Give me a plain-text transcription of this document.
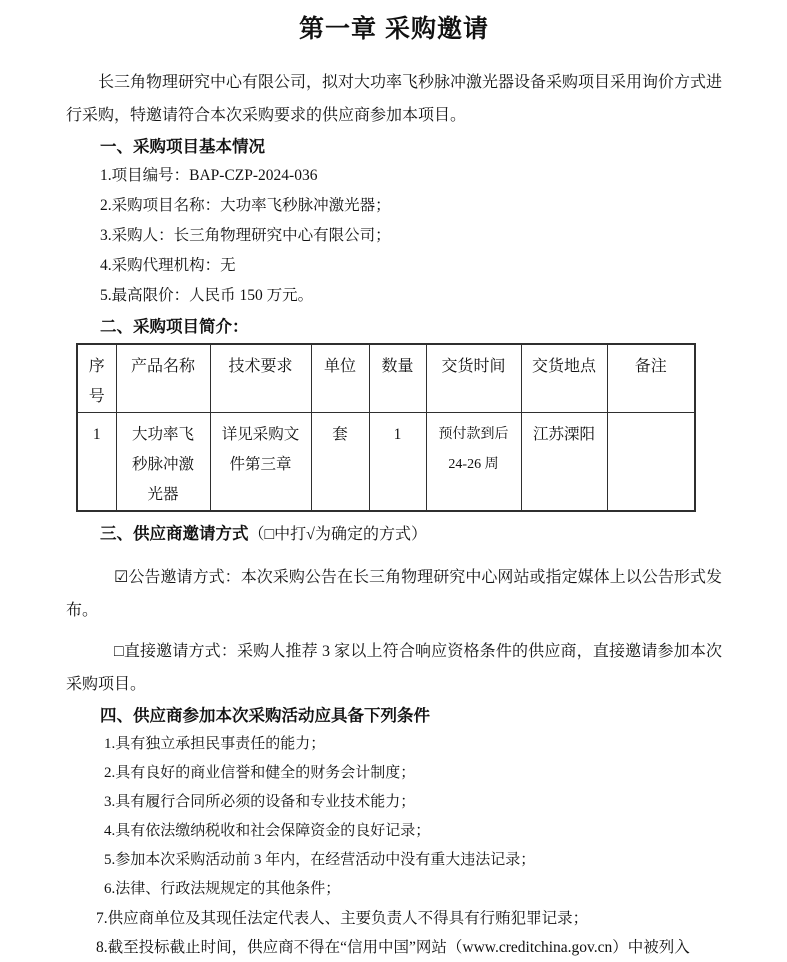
第一章 采购邀请

长三角物理研究中心有限公司，拟对大功率飞秒脉冲激光器设备采购项目采用询价方式进行采购，特邀请符合本次采购要求的供应商参加本项目。

一、采购项目基本情况

1.项目编号：BAP-CZP-2024-036

2.采购项目名称：大功率飞秒脉冲激光器；

3.采购人：长三角物理研究中心有限公司；

4.采购代理机构：无

5.最高限价：人民币 150 万元。

二、采购项目简介：
序号	产品名称	技术要求	单位	数量	交货时间	交货地点	备注
1	大功率飞秒脉冲激光器	详见采购文件第三章	套	1	预付款到后 24-26 周	江苏溧阳	
三、供应商邀请方式（□中打√为确定的方式）

☑公告邀请方式：本次采购公告在长三角物理研究中心网站或指定媒体上以公告形式发布。

□直接邀请方式：采购人推荐 3 家以上符合响应资格条件的供应商，直接邀请参加本次采购项目。

四、供应商参加本次采购活动应具备下列条件

1.具有独立承担民事责任的能力；

2.具有良好的商业信誉和健全的财务会计制度；

3.具有履行合同所必须的设备和专业技术能力；

4.具有依法缴纳税收和社会保障资金的良好记录；

5.参加本次采购活动前 3 年内，在经营活动中没有重大违法记录；

6.法律、行政法规规定的其他条件；

7.供应商单位及其现任法定代表人、主要负责人不得具有行贿犯罪记录；

8.截至投标截止时间，供应商不得在“信用中国”网站（www.creditchina.gov.cn）中被列入
